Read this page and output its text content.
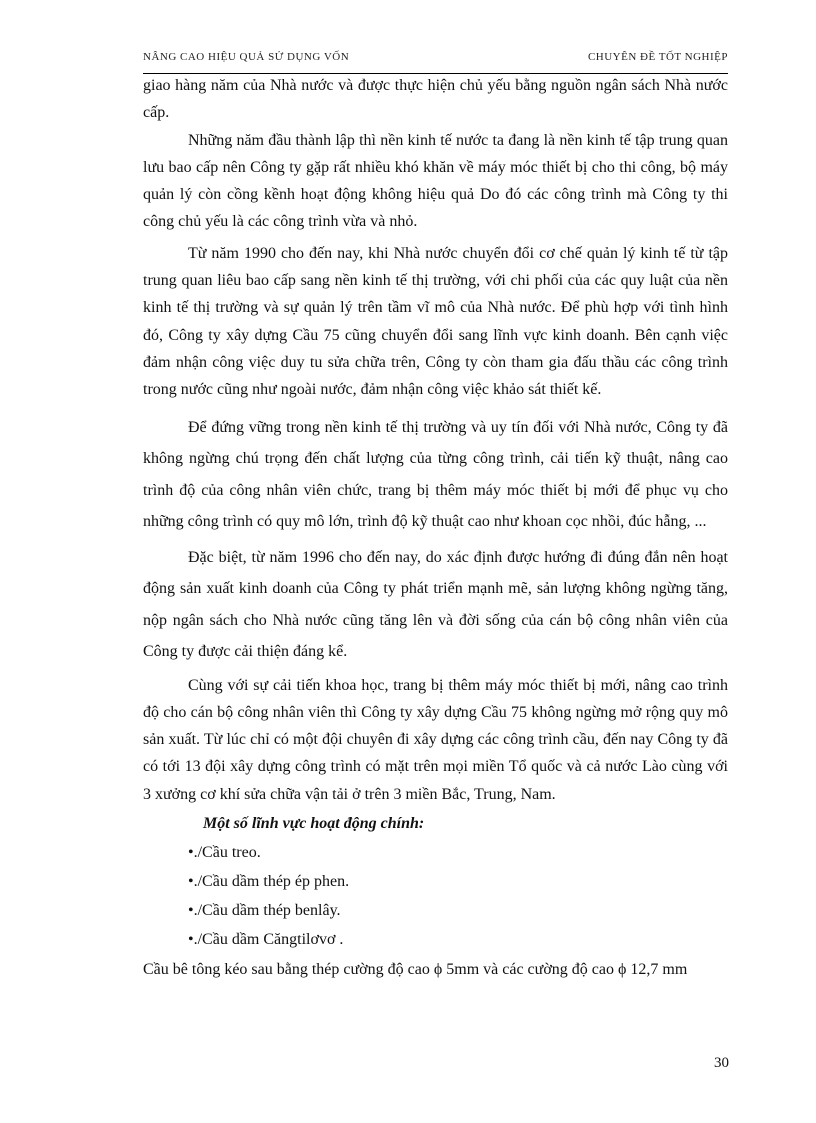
NÂNG CAO HIỆU QUẢ SỬ DỤNG VỐN	CHUYÊN ĐỀ TỐT NGHIỆP

giao hàng năm của Nhà nước và được thực hiện chủ yếu bằng nguồn ngân sách Nhà nước cấp.

Những năm đầu thành lập thì nền kinh tế nước ta đang là nền kinh tế tập trung quan lưu bao cấp nên Công ty gặp rất nhiều khó khăn về máy móc thiết bị cho thi công, bộ máy quản lý còn cồng kềnh hoạt động không hiệu quả Do đó các công trình mà Công ty thi công chủ yếu là các công trình vừa và nhỏ.

Từ năm 1990 cho đến nay, khi Nhà nước chuyển đổi cơ chế quản lý kinh tế từ tập trung quan liêu bao cấp sang nền kinh tế thị trường, với chi phối của các quy luật của nền kinh tế thị trường và sự quản lý trên tầm vĩ mô của Nhà nước. Để phù hợp với tình hình đó, Công ty xây dựng Cầu 75 cũng chuyển đổi sang lĩnh vực kinh doanh. Bên cạnh việc đảm nhận công việc duy tu sửa chữa trên, Công ty còn tham gia đấu thầu các công trình trong nước cũng như ngoài nước, đảm nhận công việc khảo sát thiết kế.

Để đứng vững trong nền kinh tế thị trường và uy tín đối với Nhà nước, Công ty đã không ngừng chú trọng đến chất lượng của từng công trình, cải tiến kỹ thuật, nâng cao trình độ của công nhân viên chức, trang bị thêm máy móc thiết bị mới để phục vụ cho những công trình có quy mô lớn, trình độ kỹ thuật cao như khoan cọc nhồi, đúc hẫng, ...

Đặc biệt, từ năm 1996 cho đến nay, do xác định được hướng đi đúng đắn nên hoạt động sản xuất kinh doanh của Công ty phát triển mạnh mẽ, sản lượng không ngừng tăng, nộp ngân sách cho Nhà nước cũng tăng lên và đời sống của cán bộ công nhân viên của Công ty được cải thiện đáng kể.

Cùng với sự cải tiến khoa học, trang bị thêm máy móc thiết bị mới, nâng cao trình độ cho cán bộ công nhân viên thì Công ty xây dựng Cầu 75 không ngừng mở rộng quy mô sản xuất. Từ lúc chỉ có một đội chuyên đi xây dựng các công trình cầu, đến nay Công ty đã có tới 13 đội xây dựng công trình có mặt trên mọi miền Tổ quốc và cả nước Lào cùng với 3 xưởng cơ khí sửa chữa vận tải ở trên 3 miền Bắc, Trung, Nam.

Một số lĩnh vực hoạt động chính:

•./Cầu treo.

•./Cầu dầm thép ép phen.

•./Cầu dầm thép benlây.

•./Cầu dầm Căngtilơvơ .

Cầu bê tông kéo sau bằng thép cường độ cao ϕ 5mm và các cường độ cao ϕ 12,7 mm

30
